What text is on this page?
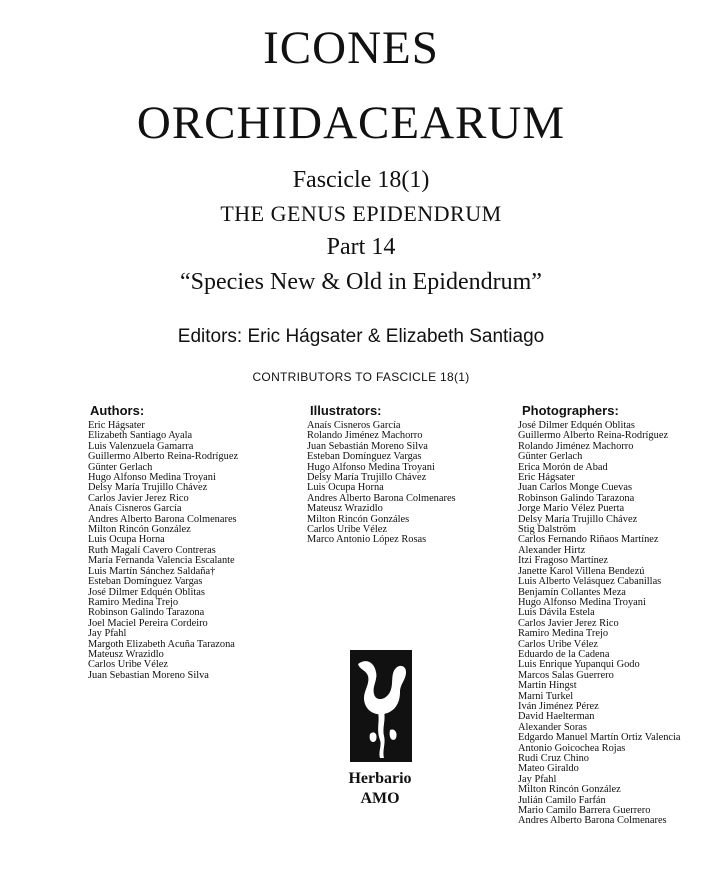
ICONES
ORCHIDACEARUM
Fascicle 18(1)
THE GENUS EPIDENDRUM
Part 14
“Species New & Old in Epidendrum”
Editors: Eric Hágsater & Elizabeth Santiago
CONTRIBUTORS TO FASCICLE 18(1)
Authors:
Eric Hágsater
Elizabeth Santiago Ayala
Luis Valenzuela Gamarra
Guillermo Alberto Reina-Rodríguez
Günter Gerlach
Hugo Alfonso Medina Troyani
Delsy María Trujillo Chávez
Carlos Javier Jerez Rico
Anaís Cisneros García
Andres Alberto Barona Colmenares
Milton Rincón González
Luis Ocupa Horna
Ruth Magalí Cavero Contreras
María Fernanda Valencia Escalante
Luis Martín Sánchez Saldaña†
Esteban Domínguez Vargas
José Dilmer Edquén Oblitas
Ramiro Medina Trejo
Robinson Galindo Tarazona
Joel Maciel Pereira Cordeiro
Jay Pfahl
Margoth Elizabeth Acuña Tarazona
Mateusz Wrazidlo
Carlos Uribe Vélez
Juan Sebastian Moreno Silva
Illustrators:
Anaís Cisneros García
Rolando Jiménez Machorro
Juan Sebastián Moreno Silva
Esteban Domínguez Vargas
Hugo Alfonso Medina Troyani
Delsy María Trujillo Chávez
Luis Ocupa Horna
Andres Alberto Barona Colmenares
Mateusz Wrazidlo
Milton Rincón Gonzáles
Carlos Uribe Vélez
Marco Antonio López Rosas
Photographers:
José Dilmer Edquén Oblitas
Guillermo Alberto Reina-Rodríguez
Rolando Jiménez Machorro
Günter Gerlach
Erica Morón de Abad
Eric Hágsater
Juan Carlos Monge Cuevas
Robinson Galindo Tarazona
Jorge Mario Vélez Puerta
Delsy María Trujillo Chávez
Stig Dalström
Carlos Fernando Riñaos Martínez
Alexander Hirtz
Itzi Fragoso Martínez
Janette Karol Villena Bendezú
Luis Alberto Velásquez Cabanillas
Benjamín Collantes Meza
Hugo Alfonso Medina Troyani
Luis Dávila Estela
Carlos Javier Jerez Rico
Ramiro Medina Trejo
Carlos Uribe Vélez
Eduardo de la Cadena
Luis Enrique Yupanqui Godo
Marcos Salas Guerrero
Martin Hingst
Marni Turkel
Iván Jiménez Pérez
David Haelterman
Alexander Soras
Edgardo Manuel Martín Ortiz Valencia
Antonio Goicochea Rojas
Rudi Cruz Chino
Mateo Giraldo
Jay Pfahl
Milton Rincón González
Julián Camilo Farfán
Mario Camilo Barrera Guerrero
Andres Alberto Barona Colmenares
Herbario
AMO
